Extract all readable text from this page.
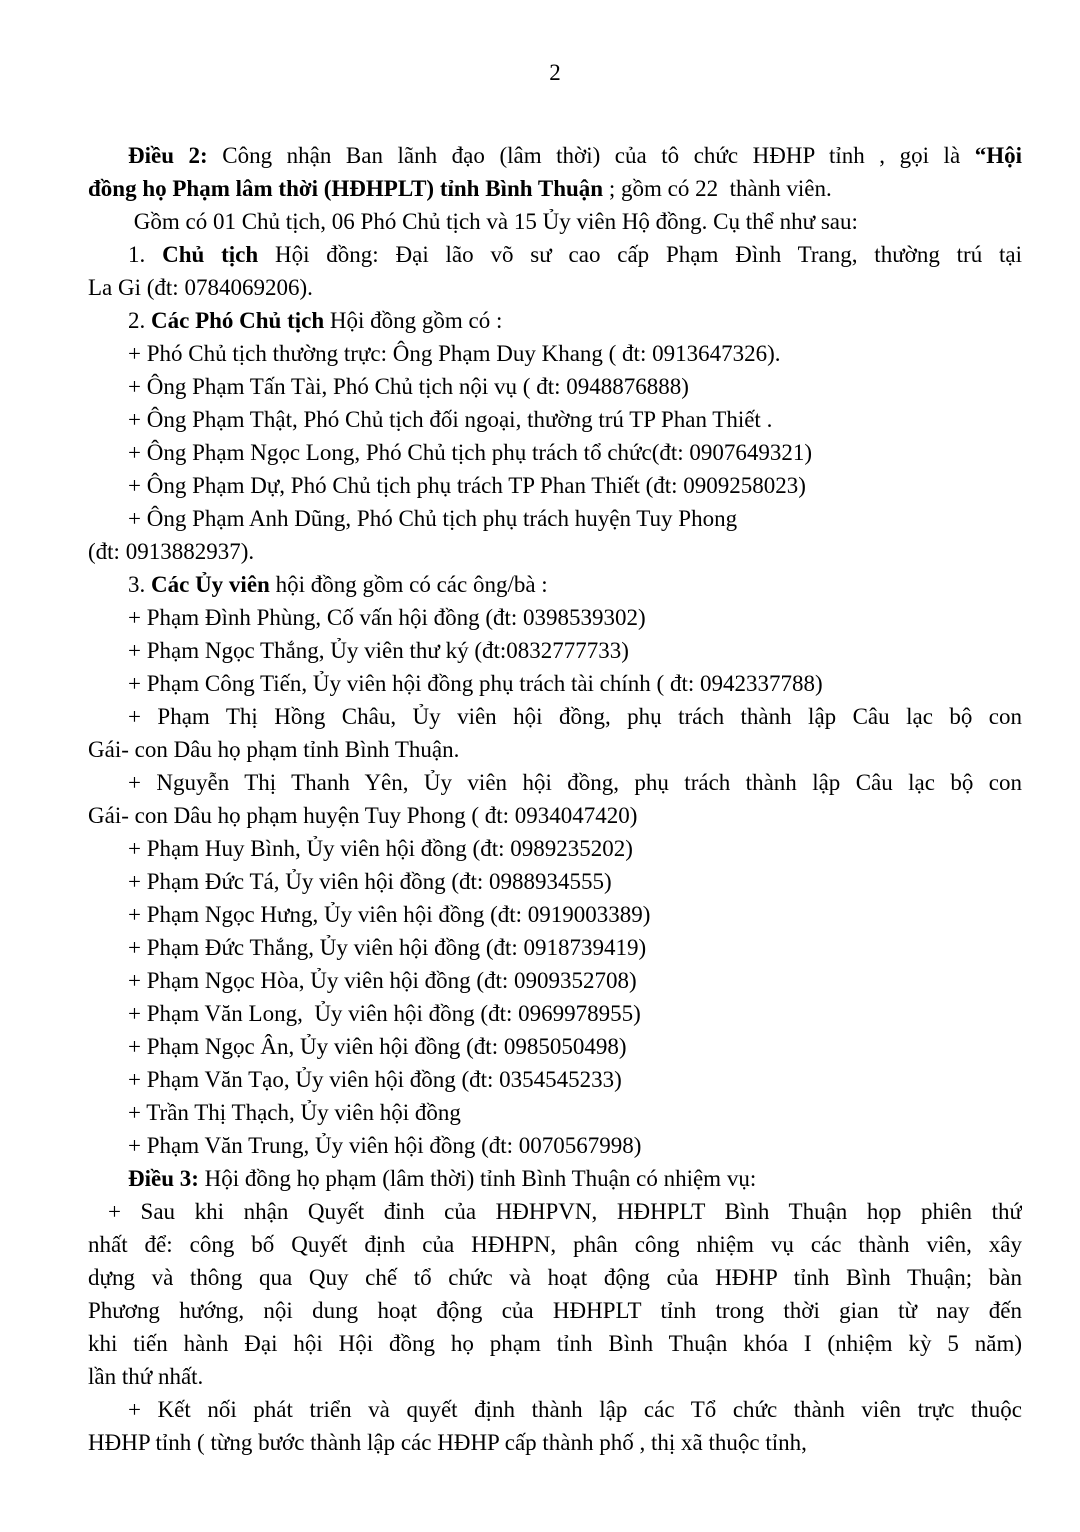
2
Điều 2: Công nhận Ban lãnh đạo (lâm thời) của tô chức HĐHP tỉnh , gọi là “Hội
đồng họ Phạm lâm thời (HĐHPLT) tỉnh Bình Thuận ; gồm có 22  thành viên.
Gồm có 01 Chủ tịch, 06 Phó Chủ tịch và 15 Ủy viên Hộ đồng. Cụ thể như sau:
1. Chủ tịch Hội đồng: Đại lão võ sư cao cấp Phạm Đình Trang, thường trú tại
La Gi (đt: 0784069206).
2. Các Phó Chủ tịch Hội đồng gồm có :
+ Phó Chủ tịch thường trực: Ông Phạm Duy Khang ( đt: 0913647326).
+ Ông Phạm Tấn Tài, Phó Chủ tịch nội vụ ( đt: 0948876888)
+ Ông Phạm Thật, Phó Chủ tịch đối ngoại, thường trú TP Phan Thiết .
+ Ông Phạm Ngọc Long, Phó Chủ tịch phụ trách tổ chức(đt: 0907649321)
+ Ông Phạm Dự, Phó Chủ tịch phụ trách TP Phan Thiết (đt: 0909258023)
+ Ông Phạm Anh Dũng, Phó Chủ tịch phụ trách huyện Tuy Phong
(đt: 0913882937).
3. Các Ủy viên hội đồng gồm có các ông/bà :
+ Phạm Đình Phùng, Cố vấn hội đồng (đt: 0398539302)
+ Phạm Ngọc Thắng, Ủy viên thư ký (đt:0832777733)
+ Phạm Công Tiến, Ủy viên hội đồng phụ trách tài chính ( đt: 0942337788)
+ Phạm Thị Hồng Châu, Ủy viên hội đồng, phụ trách thành lập Câu lạc bộ con
Gái- con Dâu họ phạm tỉnh Bình Thuận.
+ Nguyễn Thị Thanh Yên, Ủy viên hội đồng, phụ trách thành lập Câu lạc bộ con
Gái- con Dâu họ phạm huyện Tuy Phong ( đt: 0934047420)
+ Phạm Huy Bình, Ủy viên hội đồng (đt: 0989235202)
+ Phạm Đức Tá, Ủy viên hội đồng (đt: 0988934555)
+ Phạm Ngọc Hưng, Ủy viên hội đồng (đt: 0919003389)
+ Phạm Đức Thắng, Ủy viên hội đồng (đt: 0918739419)
+ Phạm Ngọc Hòa, Ủy viên hội đồng (đt: 0909352708)
+ Phạm Văn Long,  Ủy viên hội đồng (đt: 0969978955)
+ Phạm Ngọc Ân, Ủy viên hội đồng (đt: 0985050498)
+ Phạm Văn Tạo, Ủy viên hội đồng (đt: 0354545233)
+ Trần Thị Thạch, Ủy viên hội đồng
+ Phạm Văn Trung, Ủy viên hội đồng (đt: 0070567998)
Điều 3: Hội đồng họ phạm (lâm thời) tỉnh Bình Thuận có nhiệm vụ:
+ Sau khi nhận Quyết đinh của HĐHPVN, HĐHPLT Bình Thuận họp phiên thứ
nhất để: công bố Quyết định của HĐHPN, phân công nhiệm vụ các thành viên, xây
dựng và thông qua Quy chế tổ chức và hoạt động của HĐHP tỉnh Bình Thuận; bàn
Phương hướng, nội dung hoạt động của HĐHPLT tỉnh trong thời gian từ nay đến
khi tiến hành Đại hội Hội đồng họ phạm tỉnh Bình Thuận khóa I (nhiệm kỳ 5 năm)
lần thứ nhất.
+ Kết nối phát triển và quyết định thành lập các Tổ chức thành viên trực thuộc
HĐHP tỉnh ( từng bước thành lập các HĐHP cấp thành phố , thị xã thuộc tỉnh,
